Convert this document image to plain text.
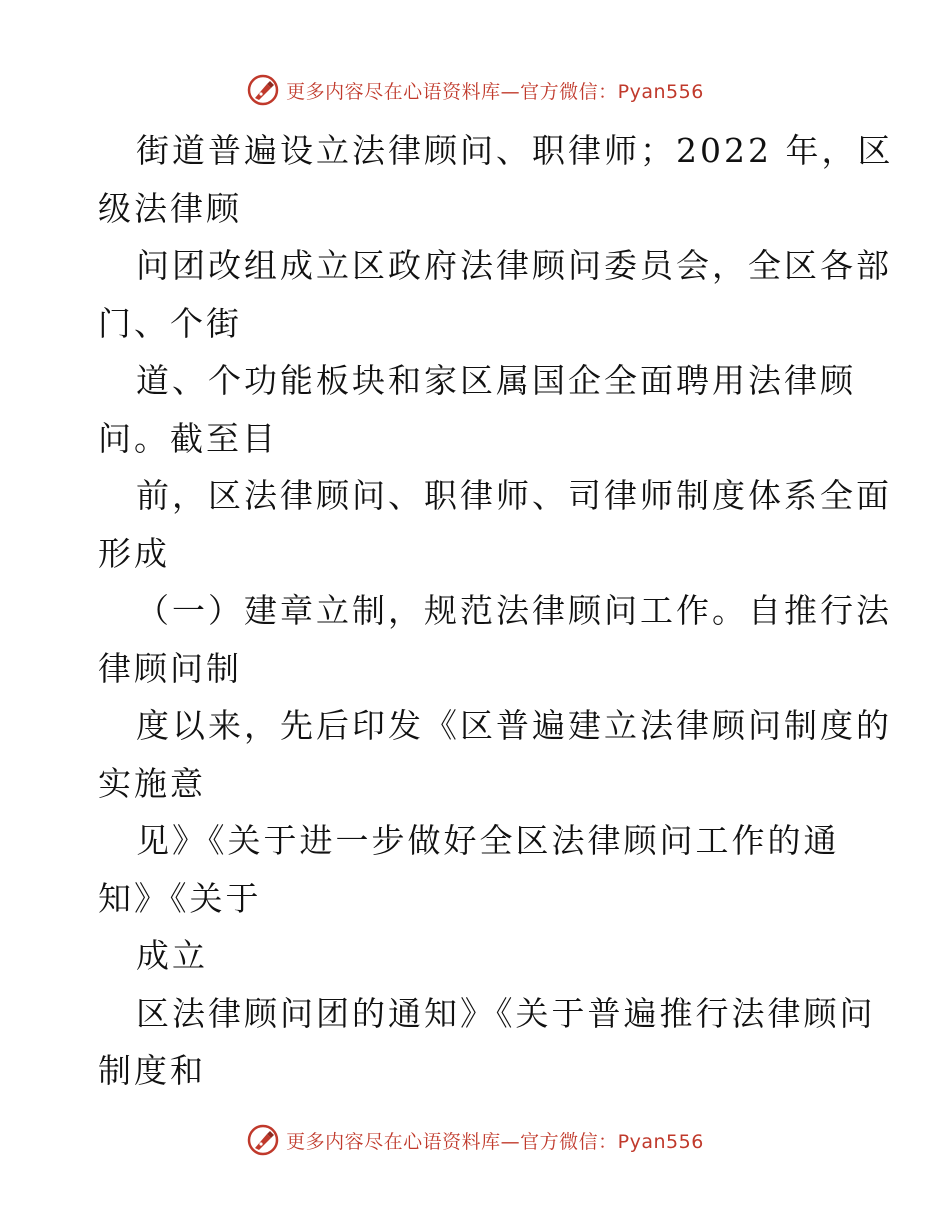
更多内容尽在心语资料库—官方微信：Pyan556
街道普遍设立法律顾问、职律师；2022 年，区
级法律顾
问团改组成立区政府法律顾问委员会，全区各部
门、个街
道、个功能板块和家区属国企全面聘用法律顾
问。截至目
前，区法律顾问、职律师、司律师制度体系全面
形成
（一）建章立制，规范法律顾问工作。自推行法
律顾问制
度以来，先后印发《区普遍建立法律顾问制度的
实施意
见》《关于进一步做好全区法律顾问工作的通
知》《关于
成立
区法律顾问团的通知》《关于普遍推行法律顾问
制度和
更多内容尽在心语资料库—官方微信：Pyan556
